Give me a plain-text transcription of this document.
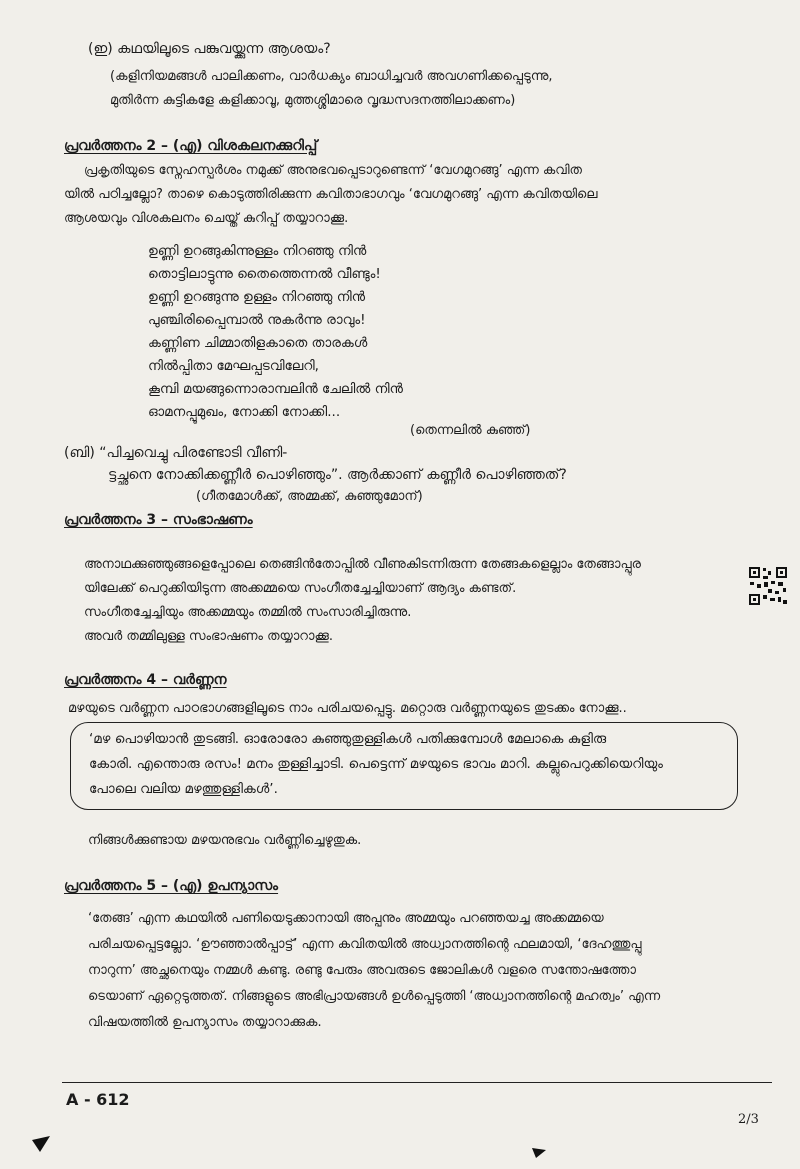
(ഇ) കഥയിലൂടെ പങ്കുവയ്ക്കുന്ന ആശയം?
(കളിനിയമങ്ങൾ പാലിക്കണം, വാർധക്യം ബാധിച്ചവർ അവഗണിക്കപ്പെടുന്നു,
മുതിർന്ന കുട്ടികളേ കളിക്കാവൂ, മുത്തശ്ശിമാരെ വൃദ്ധസദനത്തിലാക്കണം)
പ്രവർത്തനം 2 – (എ) വിശകലനക്കുറിപ്പ്
പ്രകൃതിയുടെ സ്നേഹസ്പർശം നമുക്ക് അനുഭവപ്പെടാറുണ്ടെന്ന് ‘വേഗമുറങ്ങു’ എന്ന കവിത
യിൽ പഠിച്ചല്ലോ? താഴെ കൊടുത്തിരിക്കുന്ന കവിതാഭാഗവും ‘വേഗമുറങ്ങു’ എന്ന കവിതയിലെ
ആശയവും വിശകലനം ചെയ്ത് കുറിപ്പ് തയ്യാറാക്കൂ.
ഉണ്ണി ഉറങ്ങുകിന്നുള്ളം നിറഞ്ഞു നിൻ
തൊട്ടിലാട്ടുന്നു തൈത്തെന്നൽ വീണ്ടും!
ഉണ്ണി ഉറങ്ങുന്നു ഉള്ളം നിറഞ്ഞു നിൻ
പുഞ്ചിരിപ്പൈമ്പാൽ നുകർന്നു രാവും!
കണ്ണിണ ചിമ്മാതിളകാതെ താരകൾ
നിൽപ്പിതാ മേഘപ്പടവിലേറി,
കൂമ്പി മയങ്ങുന്നൊരാമ്പലിൻ ചേലിൽ നിൻ
ഓമനപ്പൂമുഖം, നോക്കി നോക്കി...
(തെന്നലിൽ കുഞ്ഞ്)
(ബി) “പിച്ചവെച്ചു പിരണ്ടോടി വീണി-
ട്ടച്ഛനെ നോക്കിക്കണ്ണീർ പൊഴിഞ്ഞും”. ആർക്കാണ് കണ്ണീർ പൊഴിഞ്ഞത്?
(ഗീതമോൾക്ക്, അമ്മക്ക്, കുഞ്ഞുമോന്)
പ്രവർത്തനം 3 – സംഭാഷണം
അനാഥക്കുഞ്ഞുങ്ങളെപ്പോലെ തെങ്ങിൻതോപ്പിൽ വീണുകിടന്നിരുന്ന തേങ്ങകളെല്ലാം തേങ്ങാപ്പുര
യിലേക്ക് പെറുക്കിയിടുന്ന അക്കമ്മയെ സംഗീതച്ചേച്ചിയാണ് ആദ്യം കണ്ടത്.
സംഗീതച്ചേച്ചിയും അക്കമ്മയും തമ്മിൽ സംസാരിച്ചിരുന്നു.
അവർ തമ്മിലുള്ള സംഭാഷണം തയ്യാറാക്കൂ.
പ്രവർത്തനം 4 – വർണ്ണന
മഴയുടെ വർണ്ണന പാഠഭാഗങ്ങളിലൂടെ നാം പരിചയപ്പെട്ടു. മറ്റൊരു വർണ്ണനയുടെ തുടക്കം നോക്കൂ..
‘മഴ പൊഴിയാൻ തുടങ്ങി. ഓരോരോ കുഞ്ഞുതുള്ളികൾ പതിക്കുമ്പോൾ മേലാകെ കുളിരു
കോരി. എന്തൊരു രസം! മനം തുള്ളിച്ചാടി. പെട്ടെന്ന് മഴയുടെ ഭാവം മാറി. കല്ലുപെറുക്കിയെറിയും
പോലെ വലിയ മഴത്തുള്ളികൾ’.
നിങ്ങൾക്കുണ്ടായ മഴയനുഭവം വർണ്ണിച്ചെഴുതുക.
പ്രവർത്തനം 5 – (എ) ഉപന്യാസം
‘തേങ്ങ’ എന്ന കഥയിൽ പണിയെടുക്കാനായി അപ്പനും അമ്മയും പറഞ്ഞയച്ച അക്കമ്മയെ
പരിചയപ്പെട്ടല്ലോ. ‘ഊഞ്ഞാൽപ്പാട്ട്’ എന്ന കവിതയിൽ അധ്വാനത്തിന്റെ ഫലമായി, ‘ദേഹത്തുപ്പു
നാറുന്ന’ അച്ഛനെയും നമ്മൾ കണ്ടു. രണ്ടു പേരും അവരുടെ ജോലികൾ വളരെ സന്തോഷത്തോ
ടെയാണ് ഏറ്റെടുത്തത്. നിങ്ങളുടെ അഭിപ്രായങ്ങൾ ഉൾപ്പെടുത്തി ‘അധ്വാനത്തിന്റെ മഹത്വം’ എന്ന
വിഷയത്തിൽ ഉപന്യാസം തയ്യാറാക്കുക.
A - 612
2/3
